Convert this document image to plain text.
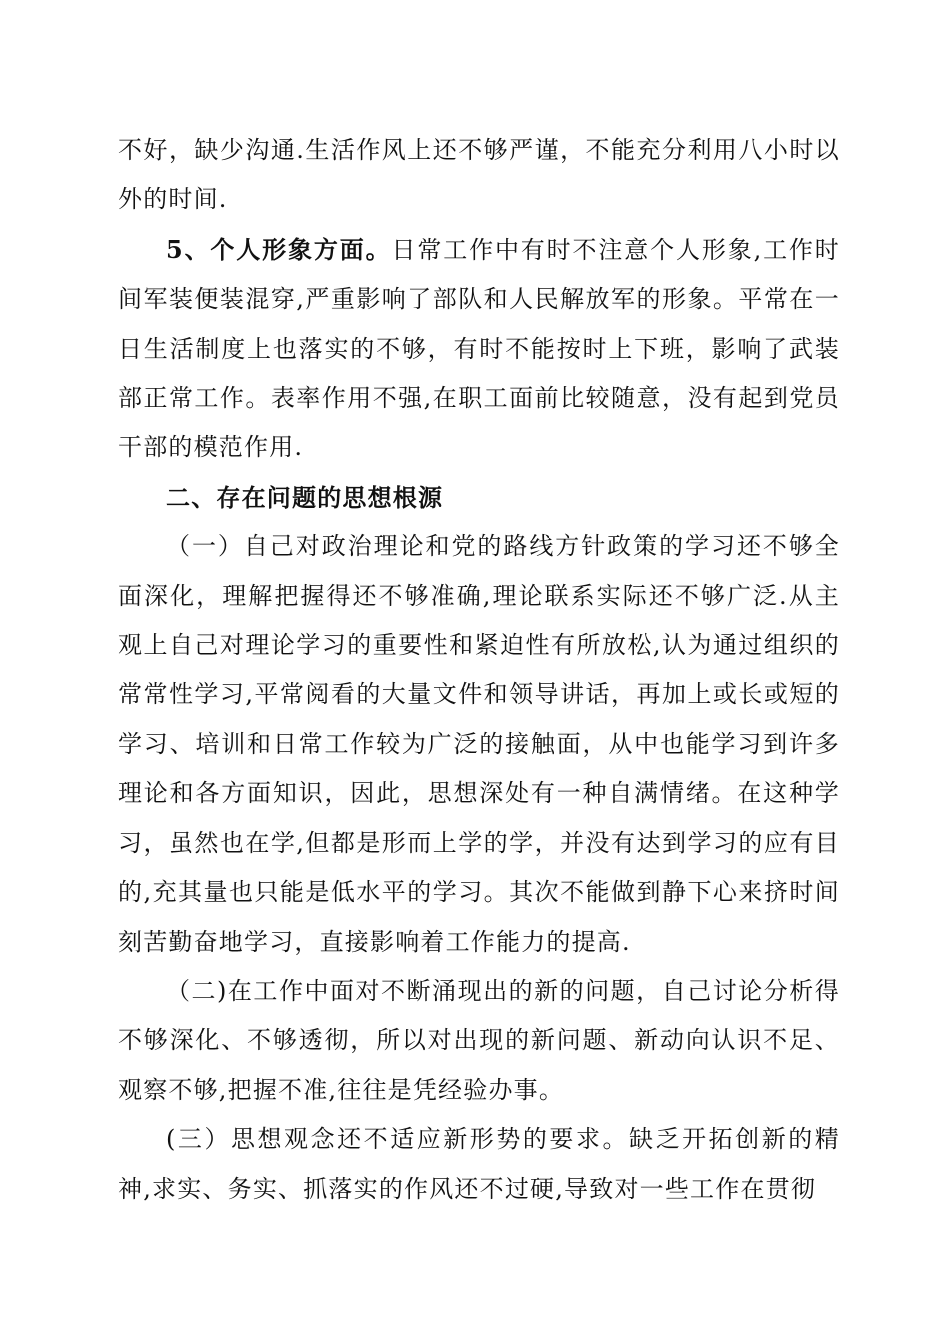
不好，缺少沟通.生活作风上还不够严谨，不能充分利用八小时以外的时间.

5、个人形象方面。日常工作中有时不注意个人形象,工作时间军装便装混穿,严重影响了部队和人民解放军的形象。平常在一日生活制度上也落实的不够，有时不能按时上下班，影响了武装部正常工作。表率作用不强,在职工面前比较随意，没有起到党员干部的模范作用.

二、存在问题的思想根源

（一）自己对政治理论和党的路线方针政策的学习还不够全面深化，理解把握得还不够准确,理论联系实际还不够广泛.从主观上自己对理论学习的重要性和紧迫性有所放松,认为通过组织的常常性学习,平常阅看的大量文件和领导讲话，再加上或长或短的学习、培训和日常工作较为广泛的接触面，从中也能学习到许多理论和各方面知识，因此，思想深处有一种自满情绪。在这种学习，虽然也在学,但都是形而上学的学，并没有达到学习的应有目的,充其量也只能是低水平的学习。其次不能做到静下心来挤时间刻苦勤奋地学习，直接影响着工作能力的提高.

（二)在工作中面对不断涌现出的新的问题，自己讨论分析得不够深化、不够透彻，所以对出现的新问题、新动向认识不足、观察不够,把握不准,往往是凭经验办事。

(三）思想观念还不适应新形势的要求。缺乏开拓创新的精神,求实、务实、抓落实的作风还不过硬,导致对一些工作在贯彻
